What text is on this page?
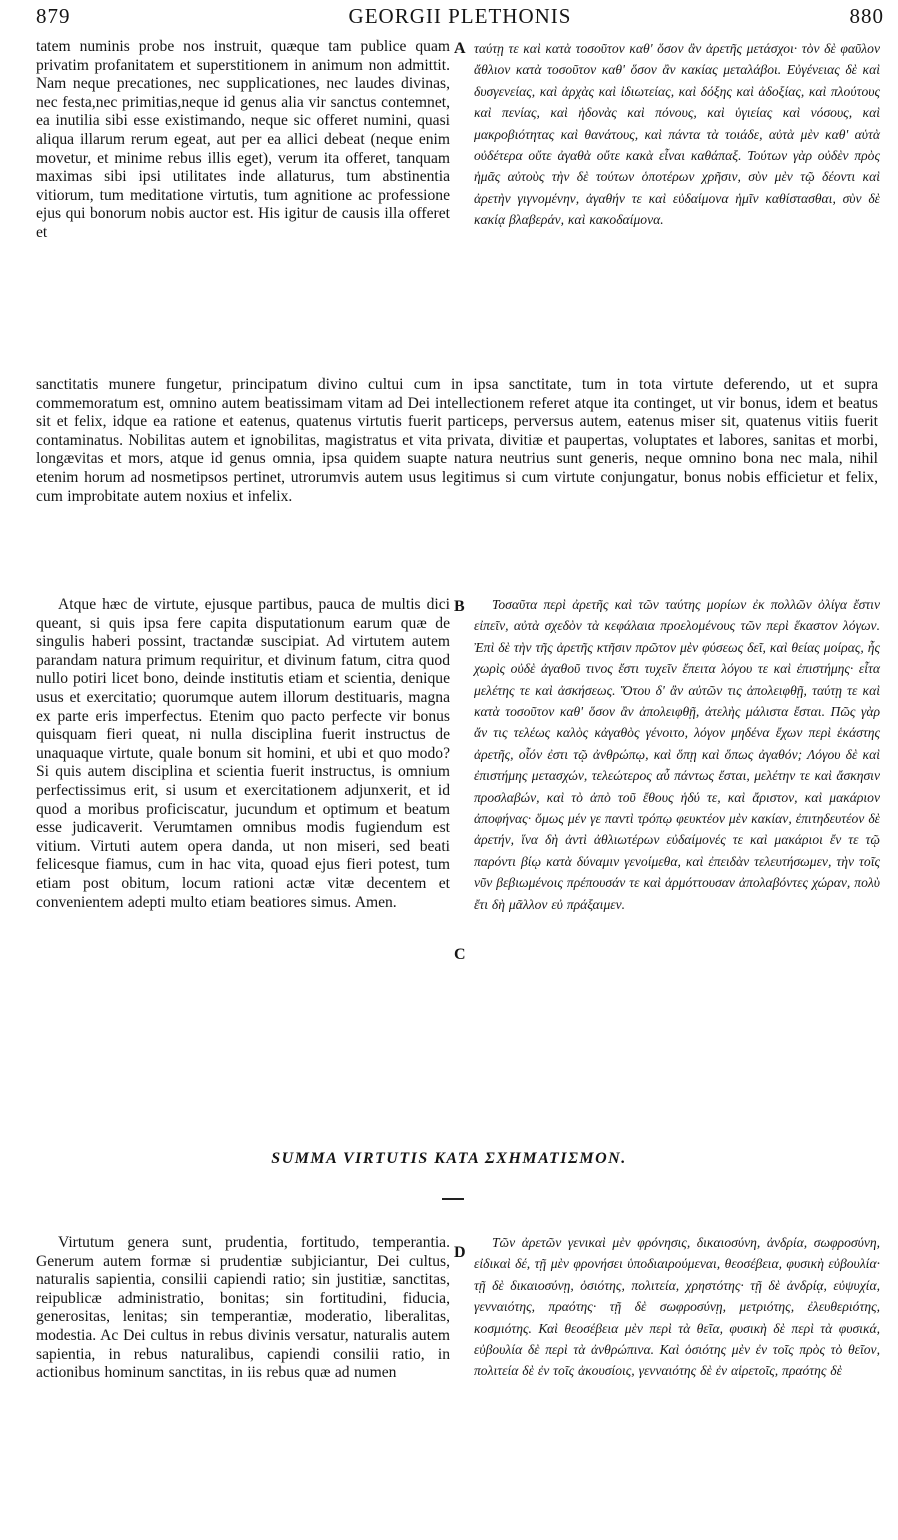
879	GEORGII PLETHONIS	880

tatem numinis probe nos instruit, quæque tam publice quam privatim profanitatem et superstitionem in animum non admittit. Nam neque precationes, nec supplicationes, nec laudes divinas, nec festa,nec primitias,neque id genus alia vir sanctus contemnet, ea inutilia sibi esse existimando, neque sic offeret numini, quasi aliqua illarum rerum egeat, aut per ea allici debeat (neque enim movetur, et minime rebus illis eget), verum ita offeret, tanquam maximas sibi ipsi utilitates inde allaturus, tum abstinentia vitiorum, tum meditatione virtutis, tum agnitione ac professione ejus qui bonorum nobis auctor est. His igitur de causis illa offeret et

A ταύτῃ τε καὶ κατὰ τοσοῦτον καθ' ὅσον ἂν ἀρετῆς μετάσχοι· τὸν δὲ φαῦλον ἄθλιον κατὰ τοσοῦτον καθ' ὅσον ἂν κακίας μεταλάβοι. Εὐγένειας δὲ καὶ δυσγενείας, καὶ ἀρχὰς καὶ ἰδιωτείας, καὶ δόξης καὶ ἀδοξίας, καὶ πλούτους καὶ πενίας, καὶ ἡδονὰς καὶ πόνους, καὶ ὑγιείας καὶ νόσους, καὶ μακροβιότητας καὶ θανάτους, καὶ πάντα τὰ τοιάδε, αὐτὰ μὲν καθ' αὑτὰ οὐδέτερα οὔτε ἀγαθὰ οὔτε κακὰ εἶναι καθάπαξ. Τούτων γὰρ οὐδὲν πρὸς ἡμᾶς αὐτοὺς τὴν δὲ τούτων ὁποτέρων χρῆσιν, σὺν μὲν τῷ δέοντι καὶ ἀρετὴν γιγνομένην, ἀγαθήν τε καὶ εὐδαίμονα ἡμῖν καθίστασθαι, σὺν δὲ κακίᾳ βλαβεράν, καὶ κακοδαίμονα.

sanctitatis munere fungetur, principatum divino cultui cum in ipsa sanctitate, tum in tota virtute deferendo, ut et supra commemoratum est, omnino autem beatissimam vitam ad Dei intellectionem referet atque ita continget, ut vir bonus, idem et beatus sit et felix, idque ea ratione et eatenus, quatenus virtutis fuerit particeps, perversus autem, eatenus miser sit, quatenus vitiis fuerit contaminatus. Nobilitas autem et ignobilitas, magistratus et vita privata, divitiæ et paupertas, voluptates et labores, sanitas et morbi, longævitas et mors, atque id genus omnia, ipsa quidem suapte natura neutrius sunt generis, neque omnino bona nec mala, nihil etenim horum ad nosmetipsos pertinet, utrorumvis autem usus legitimus si cum virtute conjungatur, bonus nobis efficietur et felix, cum improbitate autem noxius et infelix.

B

Atque hæc de virtute, ejusque partibus, pauca de multis dici queant, si quis ipsa fere capita disputationum earum quæ de singulis haberi possint, tractandæ suscipiat. Ad virtutem autem parandam natura primum requiritur, et divinum fatum, citra quod nullo potiri licet bono, deinde institutis etiam et scientia, denique usus et exercitatio; quorumque autem illorum destituaris, magna ex parte eris imperfectus. Etenim quo pacto perfecte vir bonus quisquam fieri queat, ni nulla disciplina fuerit instructus de unaquaque virtute, quale bonum sit homini, et ubi et quo modo? Si quis autem disciplina et scientia fuerit instructus, is omnium perfectissimus erit, si usum et exercitationem adjunxerit, et id quod a moribus proficiscatur, jucundum et optimum et beatum esse judicaverit. Verumtamen omnibus modis fugiendum est vitium. Virtuti autem opera danda, ut non miseri, sed beati felicesque fiamus, cum in hac vita, quoad ejus fieri potest, tum etiam post obitum, locum rationi actæ vitæ decentem et convenientem adepti multo etiam beatiores simus. Amen.

Τοσαῦτα περὶ ἀρετῆς καὶ τῶν ταύτης μορίων ἐκ πολλῶν ὀλίγα ἔστιν εἰπεῖν, αὐτὰ σχεδὸν τὰ κεφάλαια προελομένους τῶν περὶ ἕκαστον λόγων. Ἐπὶ δὲ τὴν τῆς ἀρετῆς κτῆσιν πρῶτον μὲν φύσεως δεῖ, καὶ θείας μοίρας, ἧς χωρὶς οὐδὲ ἀγαθοῦ τινος ἔστι τυχεῖν ἔπειτα λόγου τε καὶ ἐπιστήμης· εἶτα μελέτης τε καὶ ἀσκήσεως. Ὅτου δ' ἂν αὐτῶν τις ἀπολειφθῇ, ταύτῃ τε καὶ κατὰ τοσοῦτον καθ' ὅσον ἂν ἀπολειφθῇ, ἀτελὴς μάλιστα ἔσται. Πῶς γὰρ ἄν τις τελέως καλὸς κἀγαθὸς γένοιτο, λόγον μηδένα ἔχων περὶ ἑκάστης ἀρετῆς, οἷόν ἐστι τῷ ἀνθρώπῳ, καὶ ὅπῃ καὶ ὅπως ἀγαθόν; Λόγου δὲ καὶ ἐπιστήμης μετασχών, τελεώτερος αὖ πάντως ἔσται, μελέτην τε καὶ ἄσκησιν προσλαβών, καὶ τὸ ἀπὸ τοῦ ἔθους ἡδύ τε, καὶ ἄριστον, καὶ μακάριον ἀποφήνας· ὅμως μέν γε παντὶ τρόπῳ φευκτέον μὲν κακίαν, ἐπιτηδευτέον δὲ ἀρετήν, ἵνα δὴ ἀντὶ ἀθλιωτέρων εὐδαίμονές τε καὶ μακάριοι ἔν τε τῷ παρόντι βίῳ κατὰ δύναμιν γενοίμεθα, καὶ ἐπειδὰν τελευτήσωμεν, τὴν τοῖς νῦν βεβιωμένοις πρέπουσάν τε καὶ ἁρμόττουσαν ἀπολαβόντες χώραν, πολὺ ἔτι δὴ μᾶλλον εὐ πράξαιμεν.

C
SUMMA VIRTUTIS KATA ΣΧΗΜΑΤΙΣΜΟΝ.
D

Virtutum genera sunt, prudentia, fortitudo, temperantia. Generum autem formæ si prudentiæ subjiciantur, Dei cultus, naturalis sapientia, consilii capiendi ratio; sin justitiæ, sanctitas, reipublicæ administratio, bonitas; sin fortitudini, fiducia, generositas, lenitas; sin temperantiæ, moderatio, liberalitas, modestia. Ac Dei cultus in rebus divinis versatur, naturalis autem sapientia, in rebus naturalibus, capiendi consilii ratio, in actionibus hominum sanctitas, in iis rebus quæ ad numen

Τῶν ἀρετῶν γενικαὶ μὲν φρόνησις, δικαιοσύνη, ἀνδρία, σωφροσύνη, εἰδικαὶ δέ, τῇ μὲν φρονήσει ὑποδιαιρούμεναι, θεοσέβεια, φυσικὴ εὐβουλία· τῇ δὲ δικαιοσύνῃ, ὁσιότης, πολιτεία, χρηστότης· τῇ δὲ ἀνδρίᾳ, εὐψυχία, γενναιότης, πραότης· τῇ δὲ σωφροσύνῃ, μετριότης, ἐλευθεριότης, κοσμιότης. Καὶ θεοσέβεια μὲν περὶ τὰ θεῖα, φυσικὴ δὲ περὶ τὰ φυσικά, εὐβουλία δὲ περὶ τὰ ἀνθρώπινα. Καὶ ὁσιότης μὲν ἐν τοῖς πρὸς τὸ θεῖον, πολιτεία δὲ ἐν τοῖς ἀκουσίοις, γενναιότης δὲ ἐν αἱρετοῖς, πραότης δὲ
